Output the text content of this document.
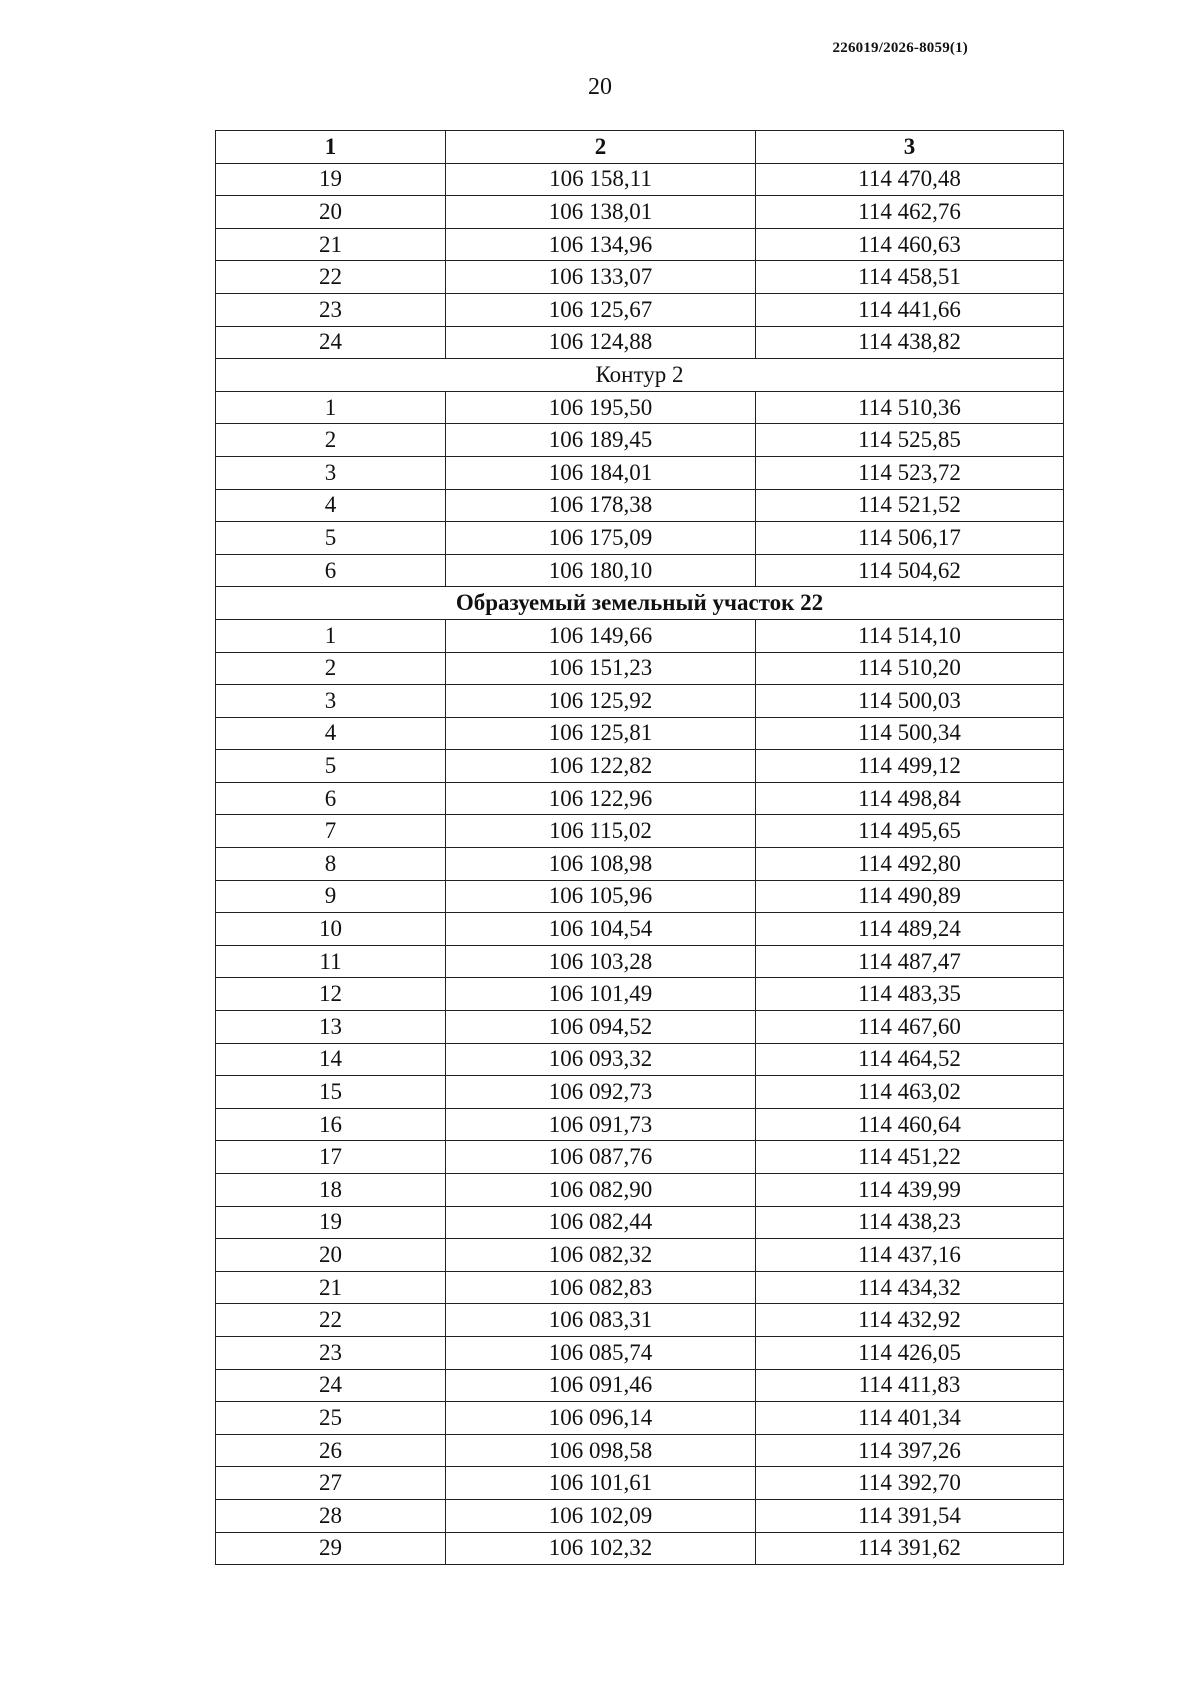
226019/2026-8059(1)
20
1	2	3
19	106 158,11	114 470,48
20	106 138,01	114 462,76
21	106 134,96	114 460,63
22	106 133,07	114 458,51
23	106 125,67	114 441,66
24	106 124,88	114 438,82
Контур 2		
1	106 195,50	114 510,36
2	106 189,45	114 525,85
3	106 184,01	114 523,72
4	106 178,38	114 521,52
5	106 175,09	114 506,17
6	106 180,10	114 504,62
Образуемый земельный участок 22		
1	106 149,66	114 514,10
2	106 151,23	114 510,20
3	106 125,92	114 500,03
4	106 125,81	114 500,34
5	106 122,82	114 499,12
6	106 122,96	114 498,84
7	106 115,02	114 495,65
8	106 108,98	114 492,80
9	106 105,96	114 490,89
10	106 104,54	114 489,24
11	106 103,28	114 487,47
12	106 101,49	114 483,35
13	106 094,52	114 467,60
14	106 093,32	114 464,52
15	106 092,73	114 463,02
16	106 091,73	114 460,64
17	106 087,76	114 451,22
18	106 082,90	114 439,99
19	106 082,44	114 438,23
20	106 082,32	114 437,16
21	106 082,83	114 434,32
22	106 083,31	114 432,92
23	106 085,74	114 426,05
24	106 091,46	114 411,83
25	106 096,14	114 401,34
26	106 098,58	114 397,26
27	106 101,61	114 392,70
28	106 102,09	114 391,54
29	106 102,32	114 391,62
